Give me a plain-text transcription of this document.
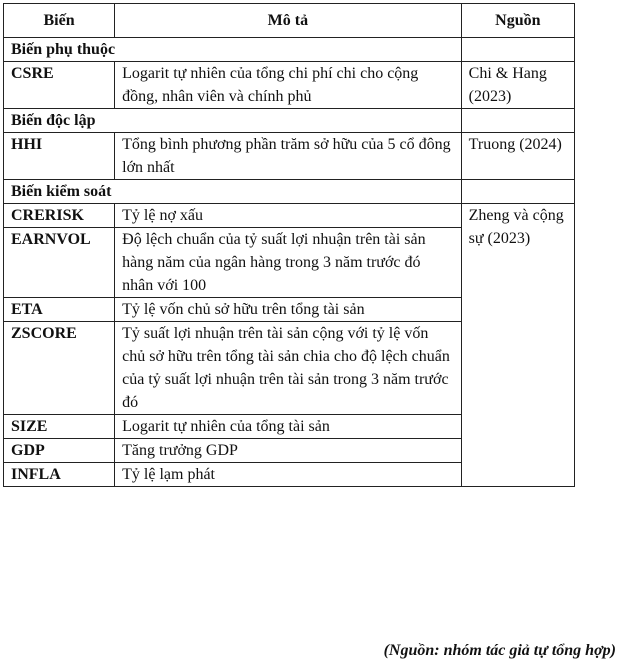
Biến	Mô tả	Nguồn
Biến phụ thuộc		
CSRE	Logarit tự nhiên của tổng chi phí chi cho cộng đồng, nhân viên và chính phủ	Chi & Hang (2023)
Biến độc lập		
HHI	Tổng bình phương phần trăm sở hữu của 5 cổ đông lớn nhất	Truong (2024)
Biến kiểm soát		
CRERISK	Tỷ lệ nợ xấu	Zheng và cộng sự (2023)
EARNVOL	Độ lệch chuẩn của tỷ suất lợi nhuận trên tài sản hàng năm của ngân hàng trong 3 năm trước đó nhân với 100	
ETA	Tỷ lệ vốn chủ sở hữu trên tổng tài sản	
ZSCORE	Tỷ suất lợi nhuận trên tài sản cộng với tỷ lệ vốn chủ sở hữu trên tổng tài sản chia cho độ lệch chuẩn của tỷ suất lợi nhuận trên tài sản trong 3 năm trước đó	
SIZE	Logarit tự nhiên của tổng tài sản	
GDP	Tăng trưởng GDP	
INFLA	Tỷ lệ lạm phát	
(Nguồn: nhóm tác giả tự tổng hợp)
